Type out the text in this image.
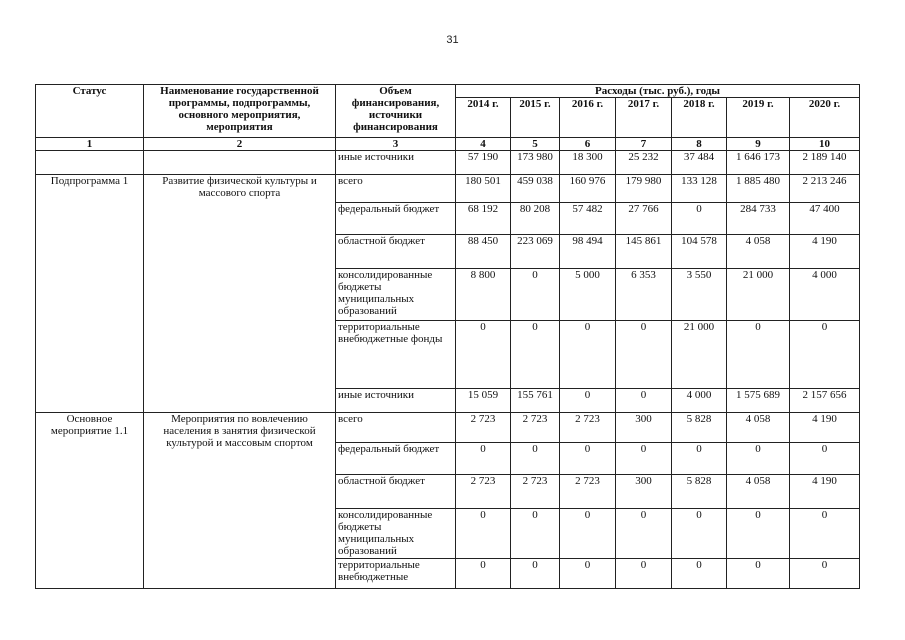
31
Статус	Наименование государственной программы, подпрограммы, основного мероприятия, мероприятия	Объем финансирования, источники финансирования	Расходы (тыс. руб.), годы						
			2014 г.	2015 г.	2016 г.	2017 г.	2018 г.	2019 г.	2020 г.
1	2	3	4	5	6	7	8	9	10
		иные источники	57 190	173 980	18 300	25 232	37 484	1 646 173	2 189 140
Подпрограмма 1	Развитие физической культуры и массового спорта	всего	180 501	459 038	160 976	179 980	133 128	1 885 480	2 213 246
		федеральный бюджет	68 192	80 208	57 482	27 766	0	284 733	47 400
		областной бюджет	88 450	223 069	98 494	145 861	104 578	4 058	4 190
		консолидированные бюджеты муниципальных образований	8 800	0	5 000	6 353	3 550	21 000	4 000
		территориальные внебюджетные фонды	0	0	0	0	21 000	0	0
		иные источники	15 059	155 761	0	0	4 000	1 575 689	2 157 656
Основное мероприятие 1.1	Мероприятия по вовлечению населения в занятия физической культурой и массовым спортом	всего	2 723	2 723	2 723	300	5 828	4 058	4 190
		федеральный бюджет	0	0	0	0	0	0	0
		областной бюджет	2 723	2 723	2 723	300	5 828	4 058	4 190
		консолидированные бюджеты муниципальных образований	0	0	0	0	0	0	0
		территориальные внебюджетные	0	0	0	0	0	0	0
